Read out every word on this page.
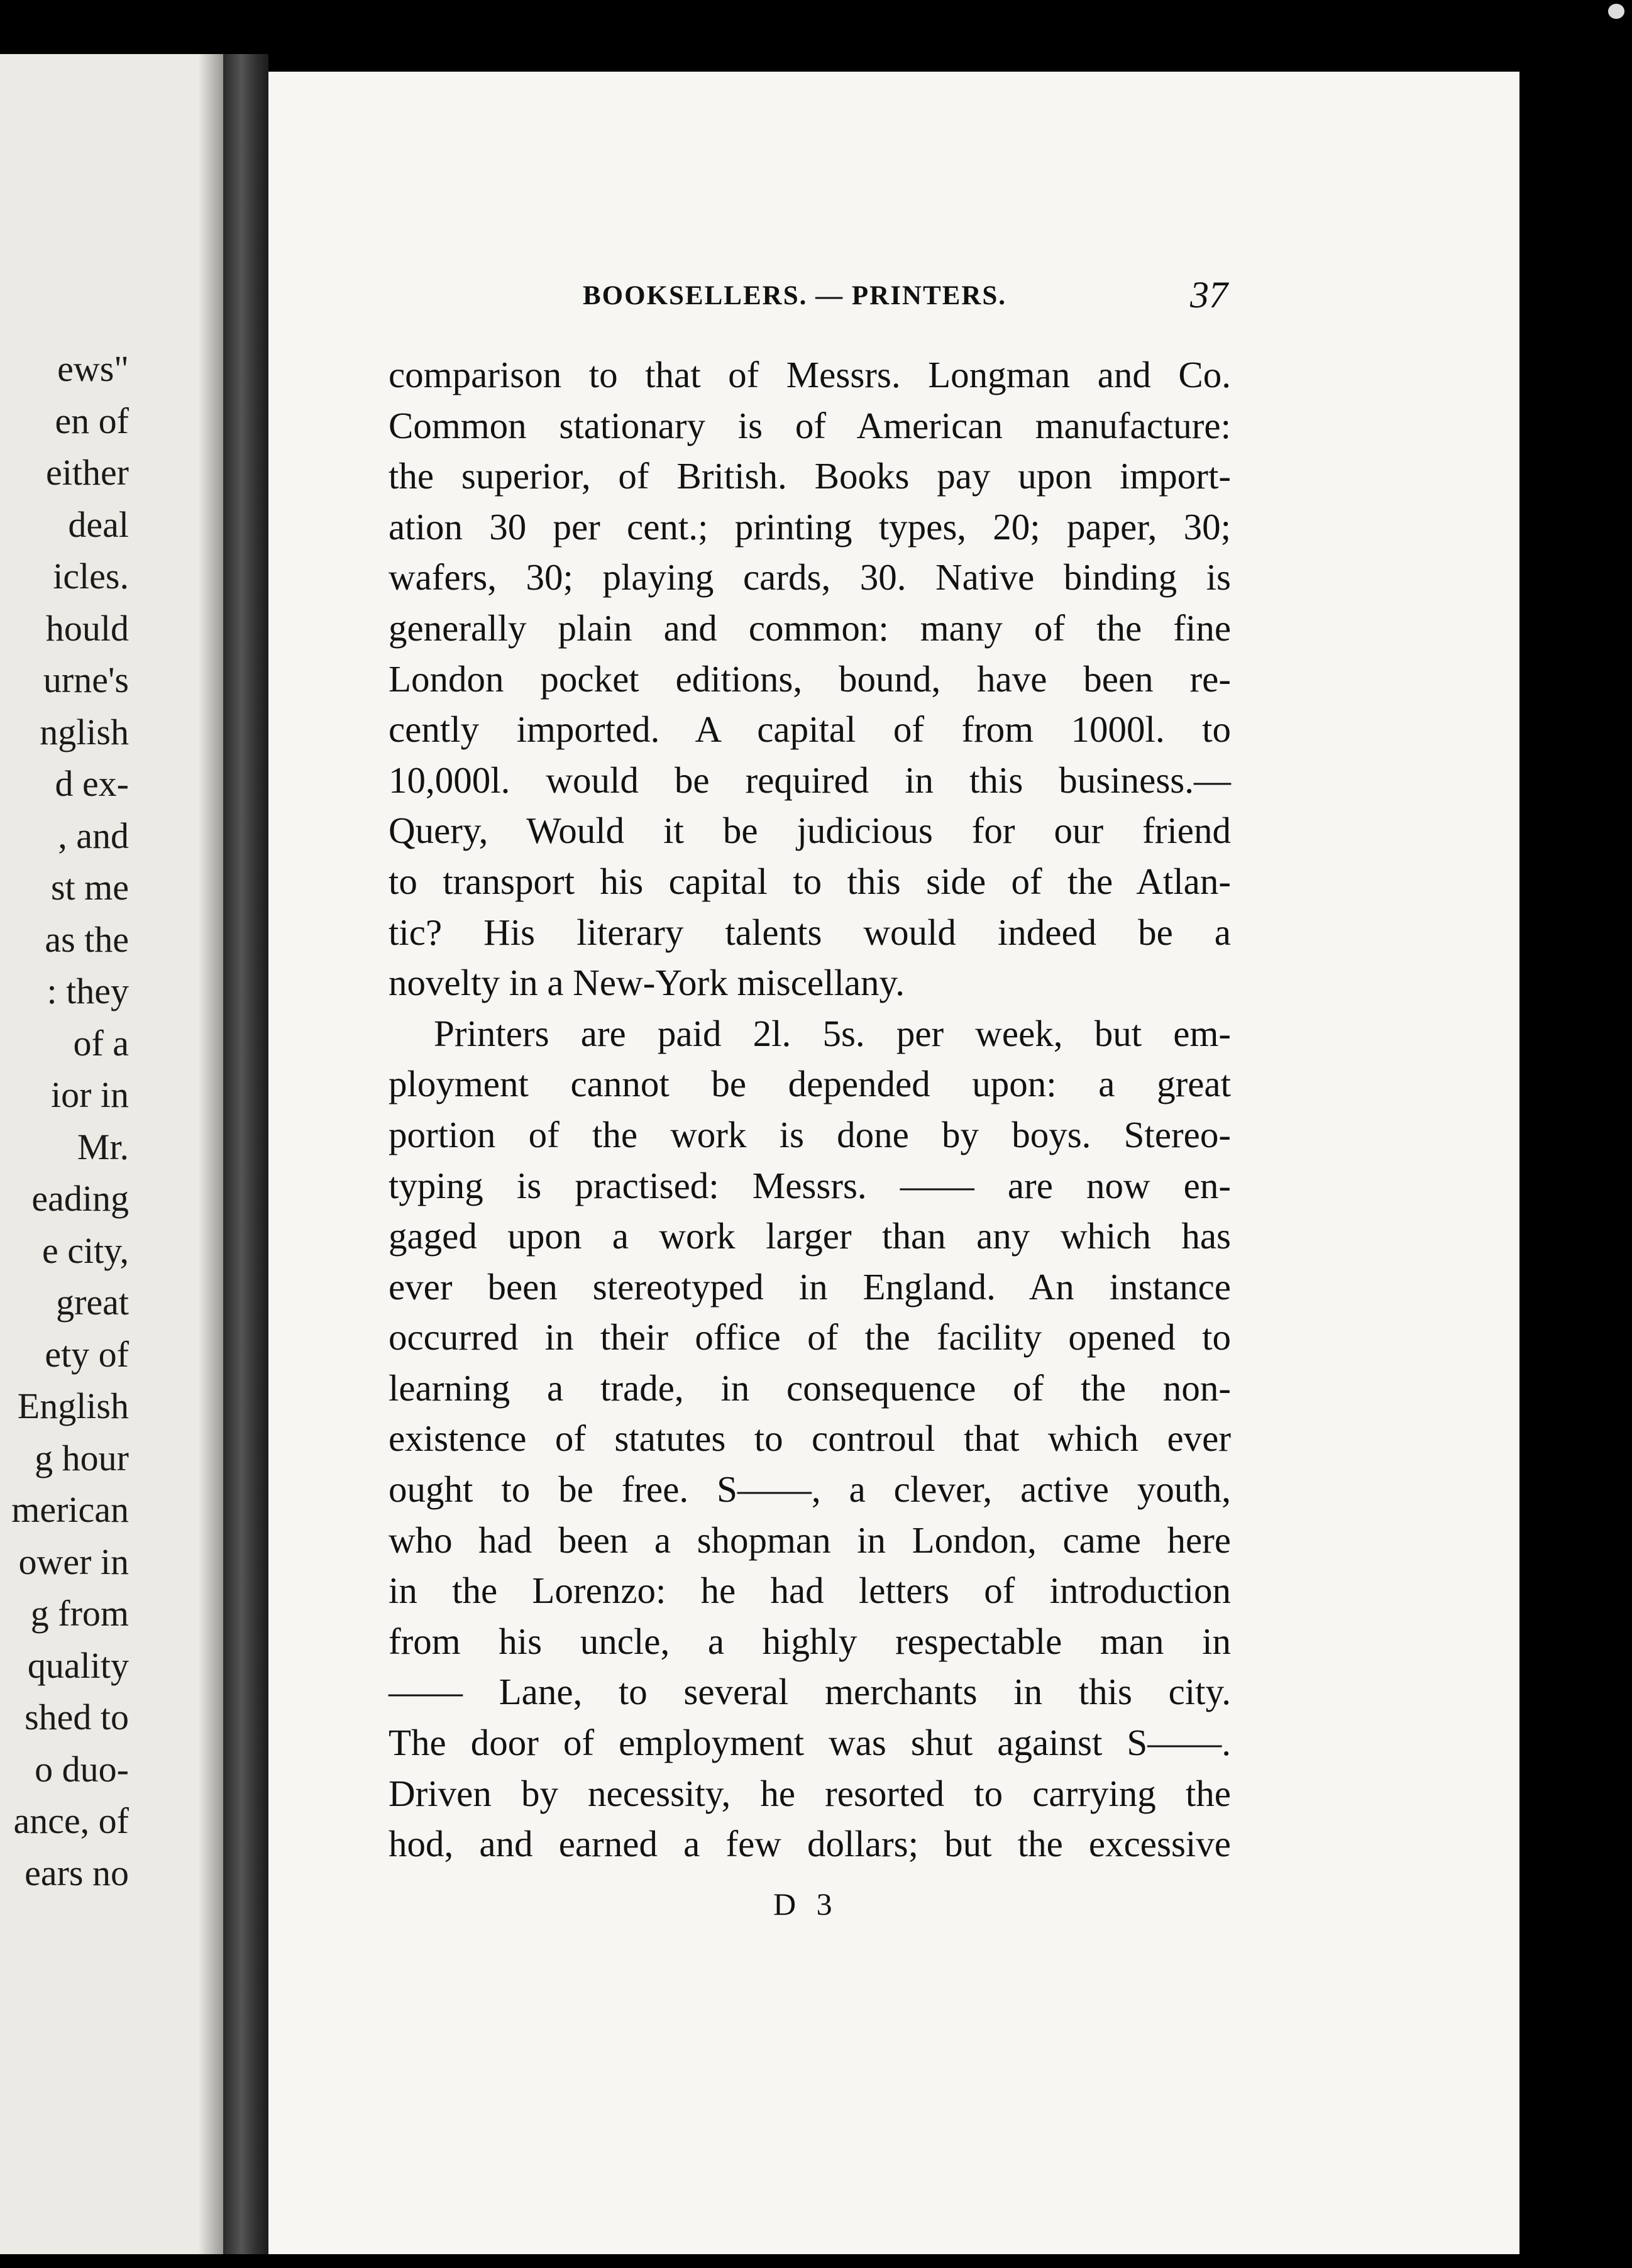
ews"
en of
either
deal
icles.
hould
urne's
nglish
d ex-
, and
st me
as the
: they
of a
ior in
Mr.
eading
e city,
great
ety of
English
g hour
merican
ower in
g from
quality
shed to
o duo-
ance, of
ears no
BOOKSELLERS. — PRINTERS.	37
comparison to that of Messrs. Longman and Co.
Common stationary is of American manufacture:
the superior, of British. Books pay upon import-
ation 30 per cent.; printing types, 20; paper, 30;
wafers, 30; playing cards, 30. Native binding is
generally plain and common: many of the fine
London pocket editions, bound, have been re-
cently imported. A capital of from 1000l. to
10,000l. would be required in this business.—
Query, Would it be judicious for our friend
to transport his capital to this side of the Atlan-
tic? His literary talents would indeed be a
novelty in a New-York miscellany.
Printers are paid 2l. 5s. per week, but em-
ployment cannot be depended upon: a great
portion of the work is done by boys. Stereo-
typing is practised: Messrs. —— are now en-
gaged upon a work larger than any which has
ever been stereotyped in England. An instance
occurred in their office of the facility opened to
learning a trade, in consequence of the non-
existence of statutes to controul that which ever
ought to be free. S——, a clever, active youth,
who had been a shopman in London, came here
in the Lorenzo: he had letters of introduction
from his uncle, a highly respectable man in
—— Lane, to several merchants in this city.
The door of employment was shut against S——.
Driven by necessity, he resorted to carrying the
hod, and earned a few dollars; but the excessive
D 3
